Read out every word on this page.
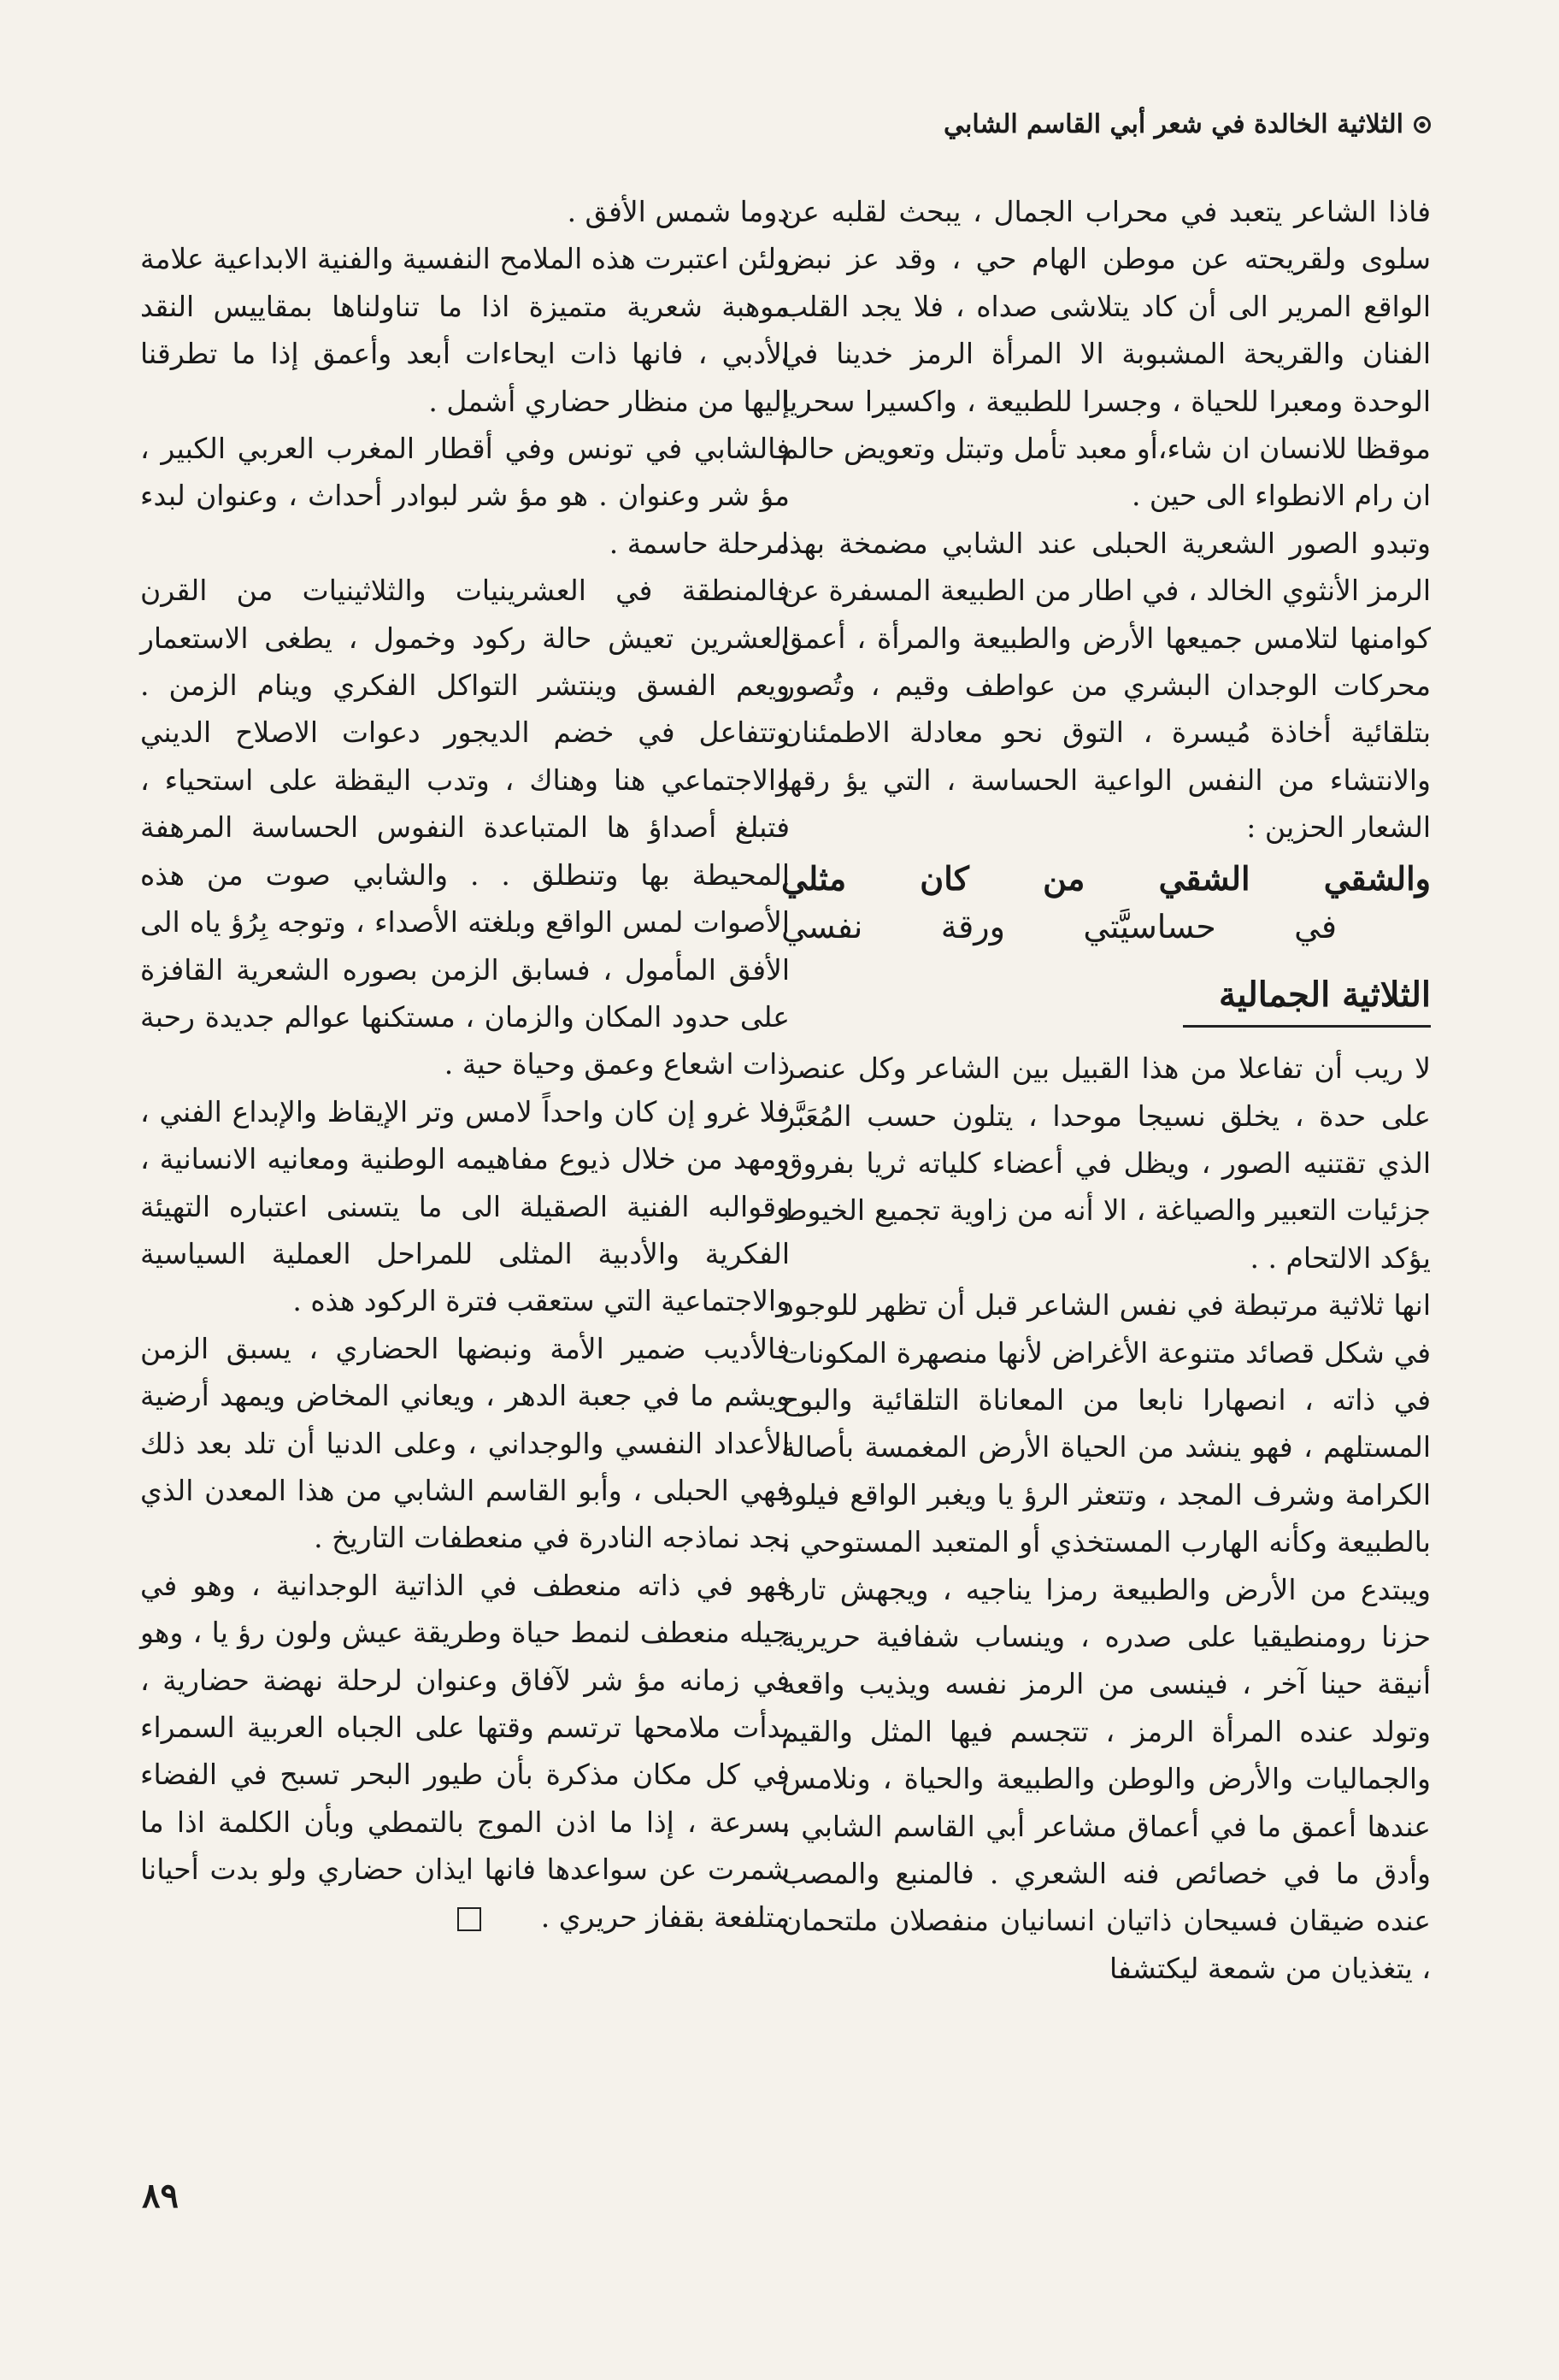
الثلاثية الخالدة في شعر أبي القاسم الشابي

فاذا الشاعر يتعبد في محراب الجمال ، يبحث لقلبه عن سلوى ولقريحته عن موطن الهام حي ، وقد عز نبض الواقع المرير الى أن كاد يتلاشى صداه ، فلا يجد القلب الفنان والقريحة المشبوبة الا المرأة الرمز خدينا في الوحدة ومعبرا للحياة ، وجسرا للطبيعة ، واكسيرا سحريا موقظا للانسان ان شاء،أو معبد تأمل وتبتل وتعويض حالم ان رام الانطواء الى حين .

وتبدو الصور الشعرية الحبلى عند الشابي مضمخة بهذا الرمز الأنثوي الخالد ، في اطار من الطبيعة المسفرة عن كوامنها لتلامس جميعها الأرض والطبيعة والمرأة ، أعمق محركات الوجدان البشري من عواطف وقيم ، وتُصور بتلقائية أخاذة مُيسرة ، التوق نحو معادلة الاطمئنان والانتشاء من النفس الواعية الحساسة ، التي يؤ رقها الشعار الحزين :

والشقي الشقي من كان مثلي
في حساسيَّتي ورقة نفسي
الثلاثية الجمالية

لا ريب أن تفاعلا من هذا القبيل بين الشاعر وكل عنصر على حدة ، يخلق نسيجا موحدا ، يتلون حسب المُعَبَّر الذي تقتنيه الصور ، ويظل في أعضاء كلياته ثريا بفروق جزئيات التعبير والصياغة ، الا أنه من زاوية تجميع الخيوط يؤكد الالتحام . .

انها ثلاثية مرتبطة في نفس الشاعر قبل أن تظهر للوجود في شكل قصائد متنوعة الأغراض لأنها منصهرة المكونات في ذاته ، انصهارا نابعا من المعاناة التلقائية والبوح المستلهم ، فهو ينشد من الحياة الأرض المغمسة بأصالة الكرامة وشرف المجد ، وتتعثر الرؤ يا ويغبر الواقع فيلوذ بالطبيعة وكأنه الهارب المستخذي أو المتعبد المستوحي ، ويبتدع من الأرض والطبيعة رمزا يناجيه ، ويجهش تارة حزنا رومنطيقيا على صدره ، وينساب شفافية حريرية أنيقة حينا آخر ، فينسى من الرمز نفسه ويذيب واقعه وتولد عنده المرأة الرمز ، تتجسم فيها المثل والقيم والجماليات والأرض والوطن والطبيعة والحياة ، ونلامس عندها أعمق ما في أعماق مشاعر أبي القاسم الشابي ، وأدق ما في خصائص فنه الشعري . فالمنبع والمصب عنده ضيقان فسيحان ذاتيان انسانيان منفصلان ملتحمان ، يتغذيان من شمعة ليكتشفا

دوما شمس الأفق .

ولئن اعتبرت هذه الملامح النفسية والفنية الابداعية علامة موهبة شعرية متميزة اذا ما تناولناها بمقاييس النقد الأدبي ، فانها ذات ايحاءات أبعد وأعمق إذا ما تطرقنا إليها من منظار حضاري أشمل .

فالشابي في تونس وفي أقطار المغرب العربي الكبير ، مؤ شر وعنوان . هو مؤ شر لبوادر أحداث ، وعنوان لبدء مرحلة حاسمة .

فالمنطقة في العشرينيات والثلاثينيات من القرن العشرين تعيش حالة ركود وخمول ، يطغى الاستعمار ويعم الفسق وينتشر التواكل الفكري وينام الزمن . وتتفاعل في خضم الديجور دعوات الاصلاح الديني والاجتماعي هنا وهناك ، وتدب اليقظة على استحياء ، فتبلغ أصداؤ ها المتباعدة النفوس الحساسة المرهفة المحيطة بها وتنطلق . . والشابي صوت من هذه الأصوات لمس الواقع وبلغته الأصداء ، وتوجه بِرُؤ ياه الى الأفق المأمول ، فسابق الزمن بصوره الشعرية القافزة على حدود المكان والزمان ، مستكنها عوالم جديدة رحبة ذات اشعاع وعمق وحياة حية .

فلا غرو إن كان واحداً لامس وتر الإيقاظ والإبداع الفني ، ومهد من خلال ذيوع مفاهيمه الوطنية ومعانيه الانسانية ، وقوالبه الفنية الصقيلة الى ما يتسنى اعتباره التهيئة الفكرية والأدبية المثلى للمراحل العملية السياسية والاجتماعية التي ستعقب فترة الركود هذه .

فالأديب ضمير الأمة ونبضها الحضاري ، يسبق الزمن ويشم ما في جعبة الدهر ، ويعاني المخاض ويمهد أرضية الأعداد النفسي والوجداني ، وعلى الدنيا أن تلد بعد ذلك فهي الحبلى ، وأبو القاسم الشابي من هذا المعدن الذي نجد نماذجه النادرة في منعطفات التاريخ .

فهو في ذاته منعطف في الذاتية الوجدانية ، وهو في جيله منعطف لنمط حياة وطريقة عيش ولون رؤ يا ، وهو في زمانه مؤ شر لآفاق وعنوان لرحلة نهضة حضارية ، بدأت ملامحها ترتسم وقتها على الجباه العربية السمراء في كل مكان مذكرة بأن طيور البحر تسبح في الفضاء بسرعة ، إذا ما اذن الموج بالتمطي وبأن الكلمة اذا ما شمرت عن سواعدها فانها ايذان حضاري ولو بدت أحيانا متلفعة بقفاز حريري .

٨٩
